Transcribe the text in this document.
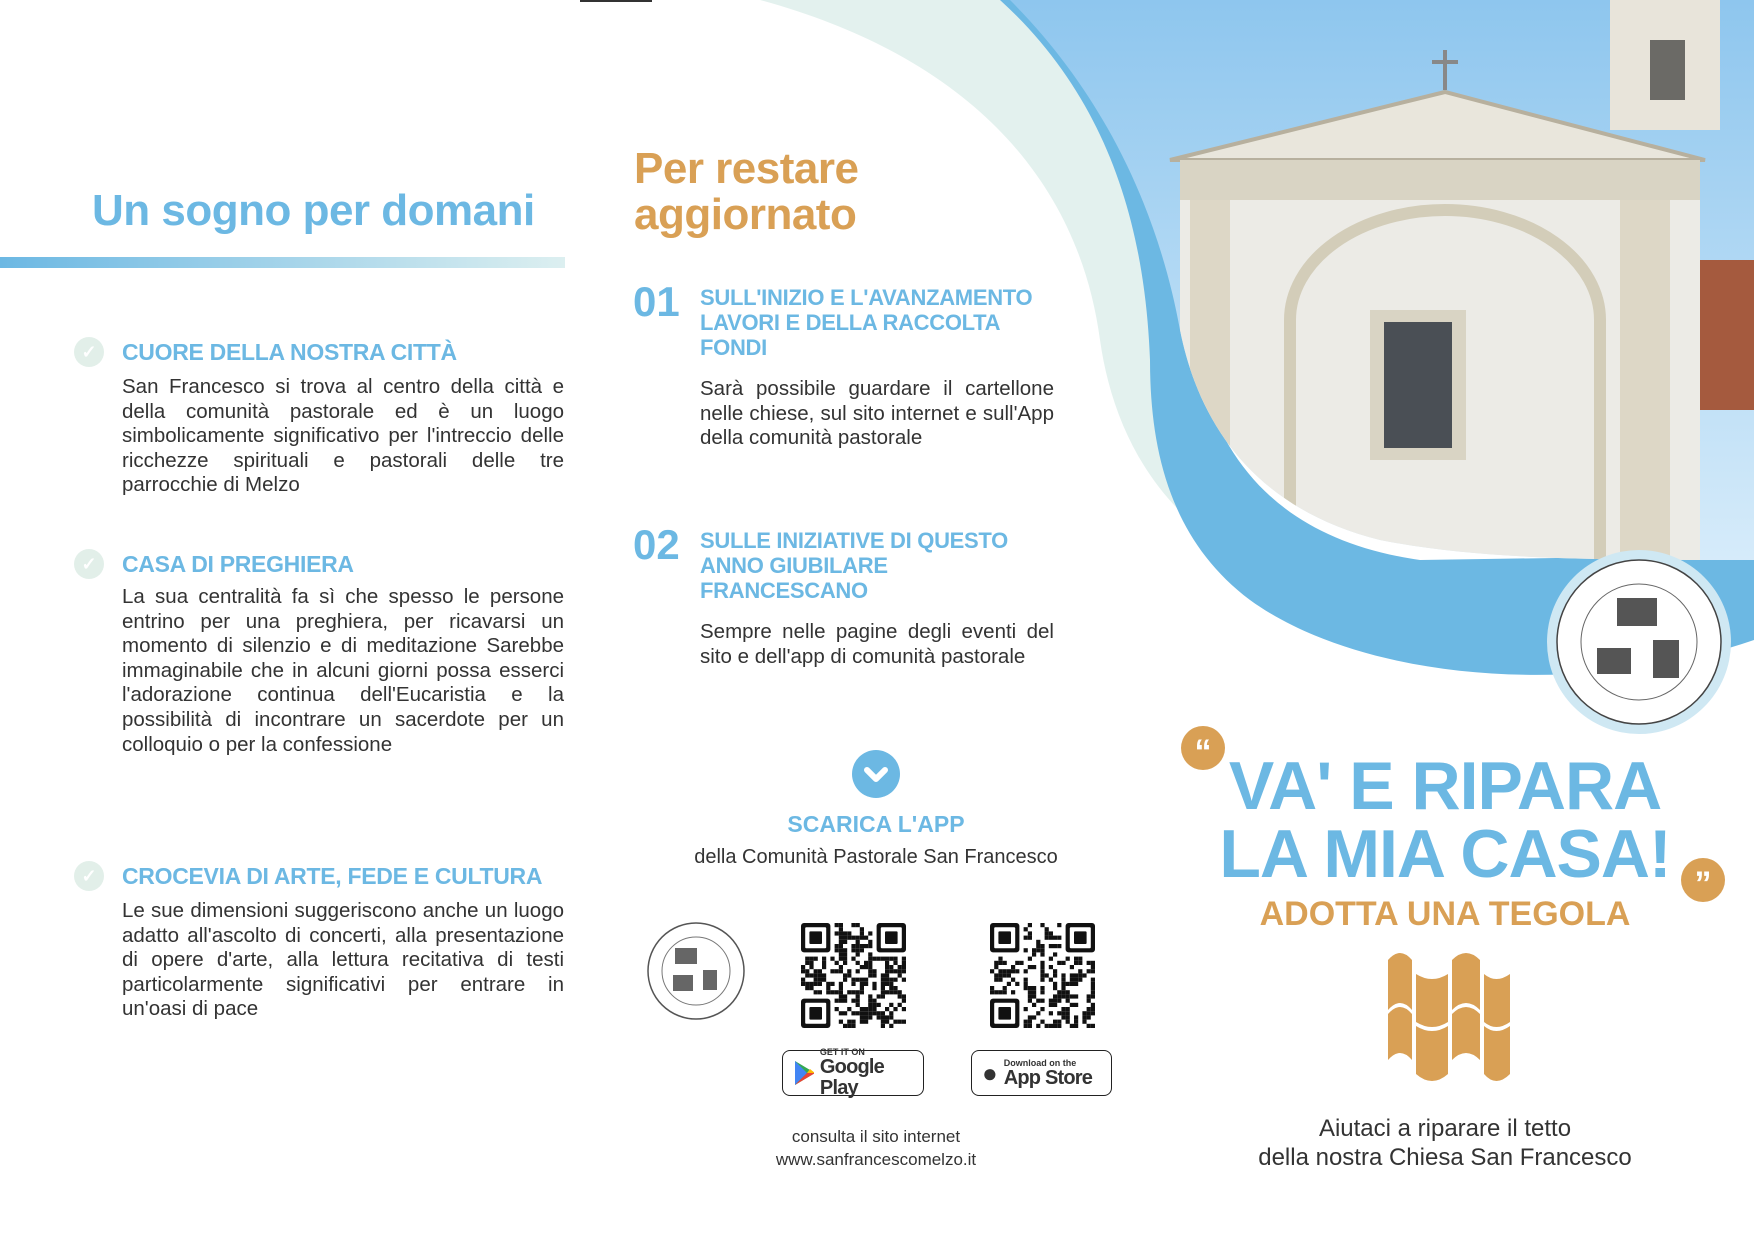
Un sogno per domani
✓	CUORE DELLA NOSTRA CITTÀ
San Francesco si trova al centro della città e della comunità pastorale ed è un luogo simbolicamente significativo per l'intreccio delle ricchezze spirituali e pastorali delle tre parrocchie di Melzo
✓	CASA DI PREGHIERA
La sua centralità fa sì che spesso le persone entrino per una preghiera, per ricavarsi un momento di silenzio e di meditazione Sarebbe immaginabile che in alcuni giorni possa esserci l'adorazione continua dell'Eucaristia e la possibilità di incontrare un sacerdote per un colloquio o per la confessione
✓	CROCEVIA DI ARTE, FEDE E CULTURA
Le sue dimensioni suggeriscono anche un luogo adatto all'ascolto di concerti, alla presentazione di opere d'arte, alla lettura recitativa di testi particolarmente significativi per entrare in un'oasi di pace
Per restare
aggiornato
01 SULL'INIZIO E L'AVANZAMENTO LAVORI E DELLA RACCOLTA FONDI
Sarà possibile guardare il cartellone nelle chiese, sul sito internet e sull'App della comunità pastorale
02 SULLE INIZIATIVE DI QUESTO ANNO GIUBILARE FRANCESCANO
Sempre nelle pagine degli eventi del sito e dell'app di comunità pastorale
SCARICA L'APP
della Comunità Pastorale San Francesco
GET IT ON
Google Play
● Download on the
App Store
consulta il sito internet
www.sanfrancescomelzo.it
“ VA' E RIPARA
LA MIA CASA! ”
ADOTTA UNA TEGOLA
Aiutaci a riparare il tetto
della nostra Chiesa San Francesco
